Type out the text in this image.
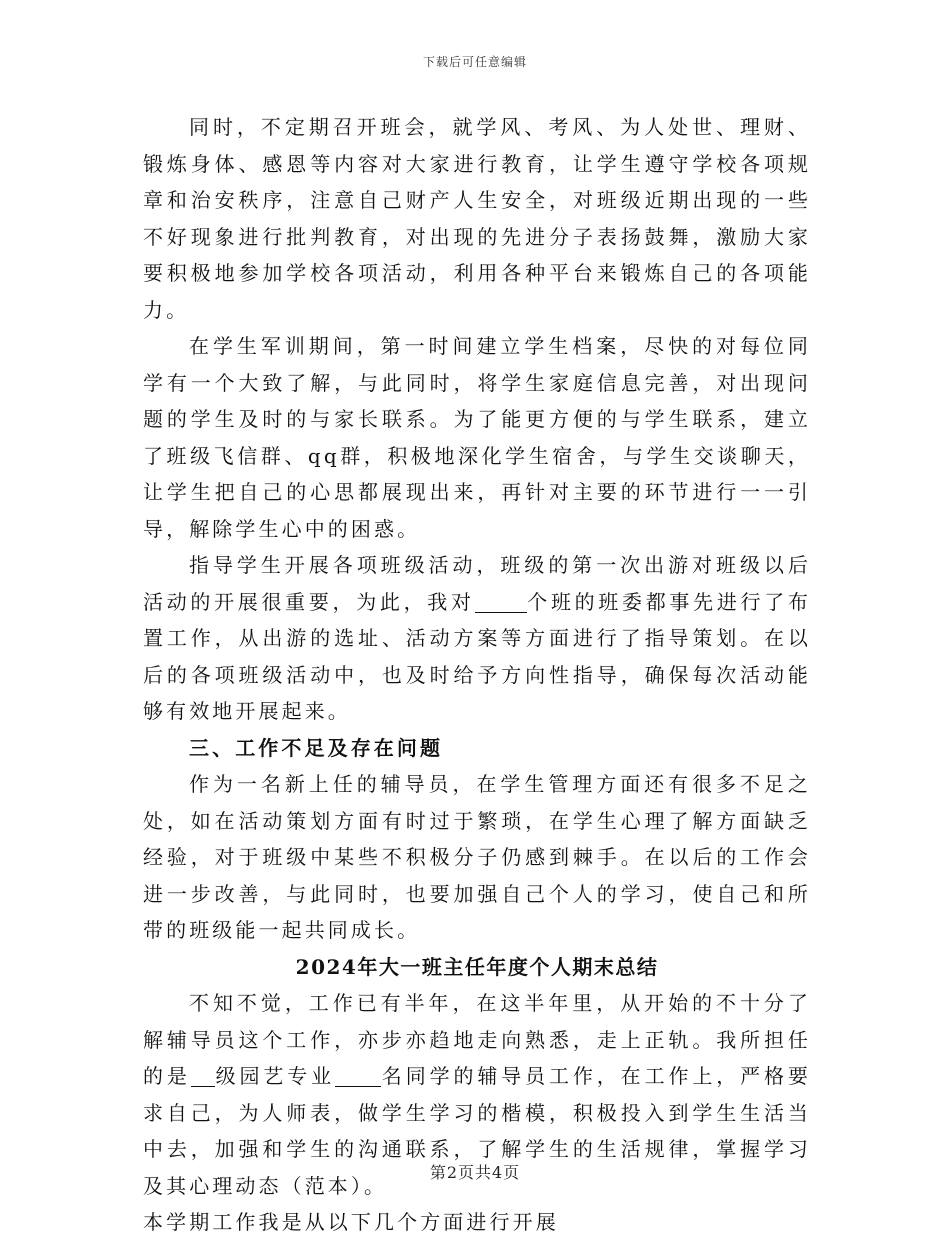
下载后可任意编辑

同时，不定期召开班会，就学风、考风、为人处世、理财、锻炼身体、感恩等内容对大家进行教育，让学生遵守学校各项规章和治安秩序，注意自己财产人生安全，对班级近期出现的一些不好现象进行批判教育，对出现的先进分子表扬鼓舞，激励大家要积极地参加学校各项活动，利用各种平台来锻炼自己的各项能力。

在学生军训期间，第一时间建立学生档案，尽快的对每位同学有一个大致了解，与此同时，将学生家庭信息完善，对出现问题的学生及时的与家长联系。为了能更方便的与学生联系，建立了班级飞信群、qq群，积极地深化学生宿舍，与学生交谈聊天，让学生把自己的心思都展现出来，再针对主要的环节进行一一引导，解除学生心中的困惑。

指导学生开展各项班级活动，班级的第一次出游对班级以后活动的开展很重要，为此，我对	个班的班委都事先进行了布置工作，从出游的选址、活动方案等方面进行了指导策划。在以后的各项班级活动中，也及时给予方向性指导，确保每次活动能够有效地开展起来。

三、工作不足及存在问题

作为一名新上任的辅导员，在学生管理方面还有很多不足之处，如在活动策划方面有时过于繁琐，在学生心理了解方面缺乏经验，对于班级中某些不积极分子仍感到棘手。在以后的工作会进一步改善，与此同时，也要加强自己个人的学习，使自己和所带的班级能一起共同成长。

2024年大一班主任年度个人期末总结

不知不觉，工作已有半年，在这半年里，从开始的不十分了解辅导员这个工作，亦步亦趋地走向熟悉，走上正轨。我所担任的是 级园艺专业 名同学的辅导员工作，在工作上，严格要求自己，为人师表，做学生学习的楷模，积极投入到学生生活当中去，加强和学生的沟通联系，了解学生的生活规律，掌握学习及其心理动态（范本）。

本学期工作我是从以下几个方面进行开展

第2页共4页
